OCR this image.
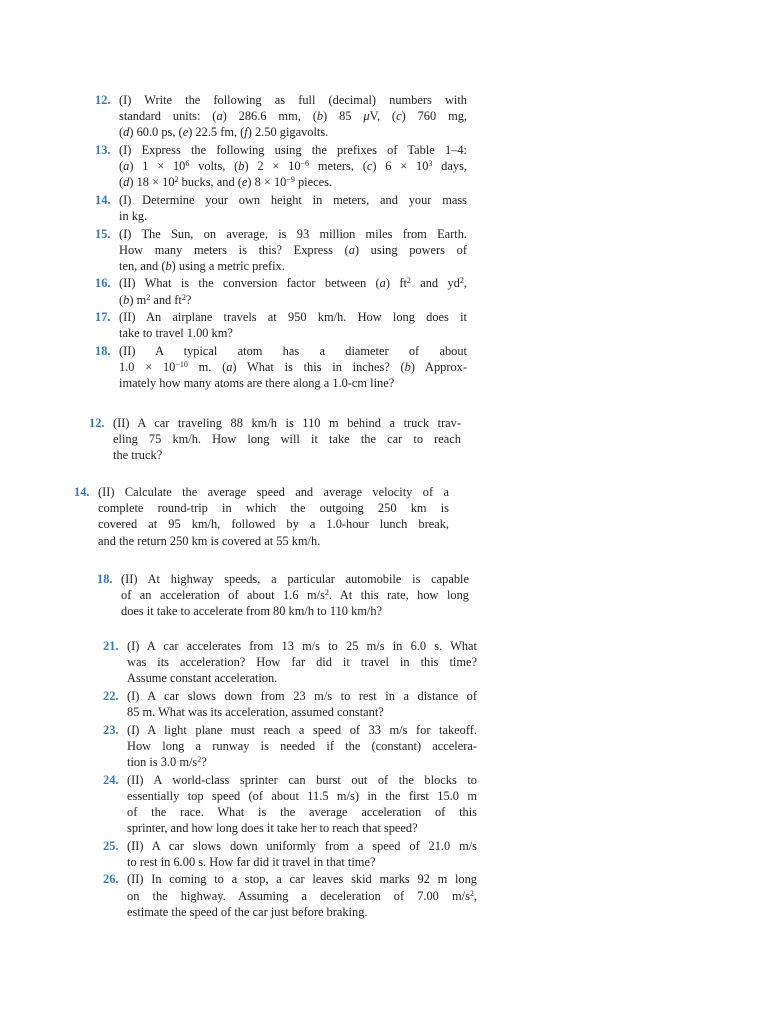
12. (I) Write the following as full (decimal) numbers with
standard units: (a) 286.6 mm, (b) 85 μV, (c) 760 mg,
(d) 60.0 ps, (e) 22.5 fm, (f) 2.50 gigavolts.
13. (I) Express the following using the prefixes of Table 1–4:
(a) $1 \times 10^6$ volts, (b) $2 \times 10^{-6}$ meters, (c) $6 \times 10^3$ days,
(d) $18 \times 10^2$ bucks, and (e) $8 \times 10^{-9}$ pieces.
14. (I) Determine your own height in meters, and your mass
in kg.
15. (I) The Sun, on average, is 93 million miles from Earth.
How many meters is this? Express (a) using powers of
ten, and (b) using a metric prefix.
16. (II) What is the conversion factor between (a) $ft^2$ and $yd^2$,
(b) $m^2$ and $ft^2$?
17. (II) An airplane travels at 950 km/h. How long does it
take to travel 1.00 km?
18. (II) A typical atom has a diameter of about
$1.0 \times 10^{-10}$ m. (a) What is this in inches? (b) Approx-
imately how many atoms are there along a 1.0-cm line?
12. (II) A car traveling 88 km/h is 110 m behind a truck trav-
eling 75 km/h. How long will it take the car to reach
the truck?
14. (II) Calculate the average speed and average velocity of a
complete round-trip in which the outgoing 250 km is
covered at 95 km/h, followed by a 1.0-hour lunch break,
and the return 250 km is covered at 55 km/h.
18. (II) At highway speeds, a particular automobile is capable
of an acceleration of about 1.6 $m/s^2$. At this rate, how long
does it take to accelerate from 80 km/h to 110 km/h?
21. (I) A car accelerates from 13 m/s to 25 m/s in 6.0 s. What
was its acceleration? How far did it travel in this time?
Assume constant acceleration.
22. (I) A car slows down from 23 m/s to rest in a distance of
85 m. What was its acceleration, assumed constant?
23. (I) A light plane must reach a speed of 33 m/s for takeoff.
How long a runway is needed if the (constant) accelera-
tion is 3.0 $m/s^2$?
24. (II) A world-class sprinter can burst out of the blocks to
essentially top speed (of about 11.5 m/s) in the first 15.0 m
of the race. What is the average acceleration of this
sprinter, and how long does it take her to reach that speed?
25. (II) A car slows down uniformly from a speed of 21.0 m/s
to rest in 6.00 s. How far did it travel in that time?
26. (II) In coming to a stop, a car leaves skid marks 92 m long
on the highway. Assuming a deceleration of 7.00 $m/s^2$,
estimate the speed of the car just before braking.
